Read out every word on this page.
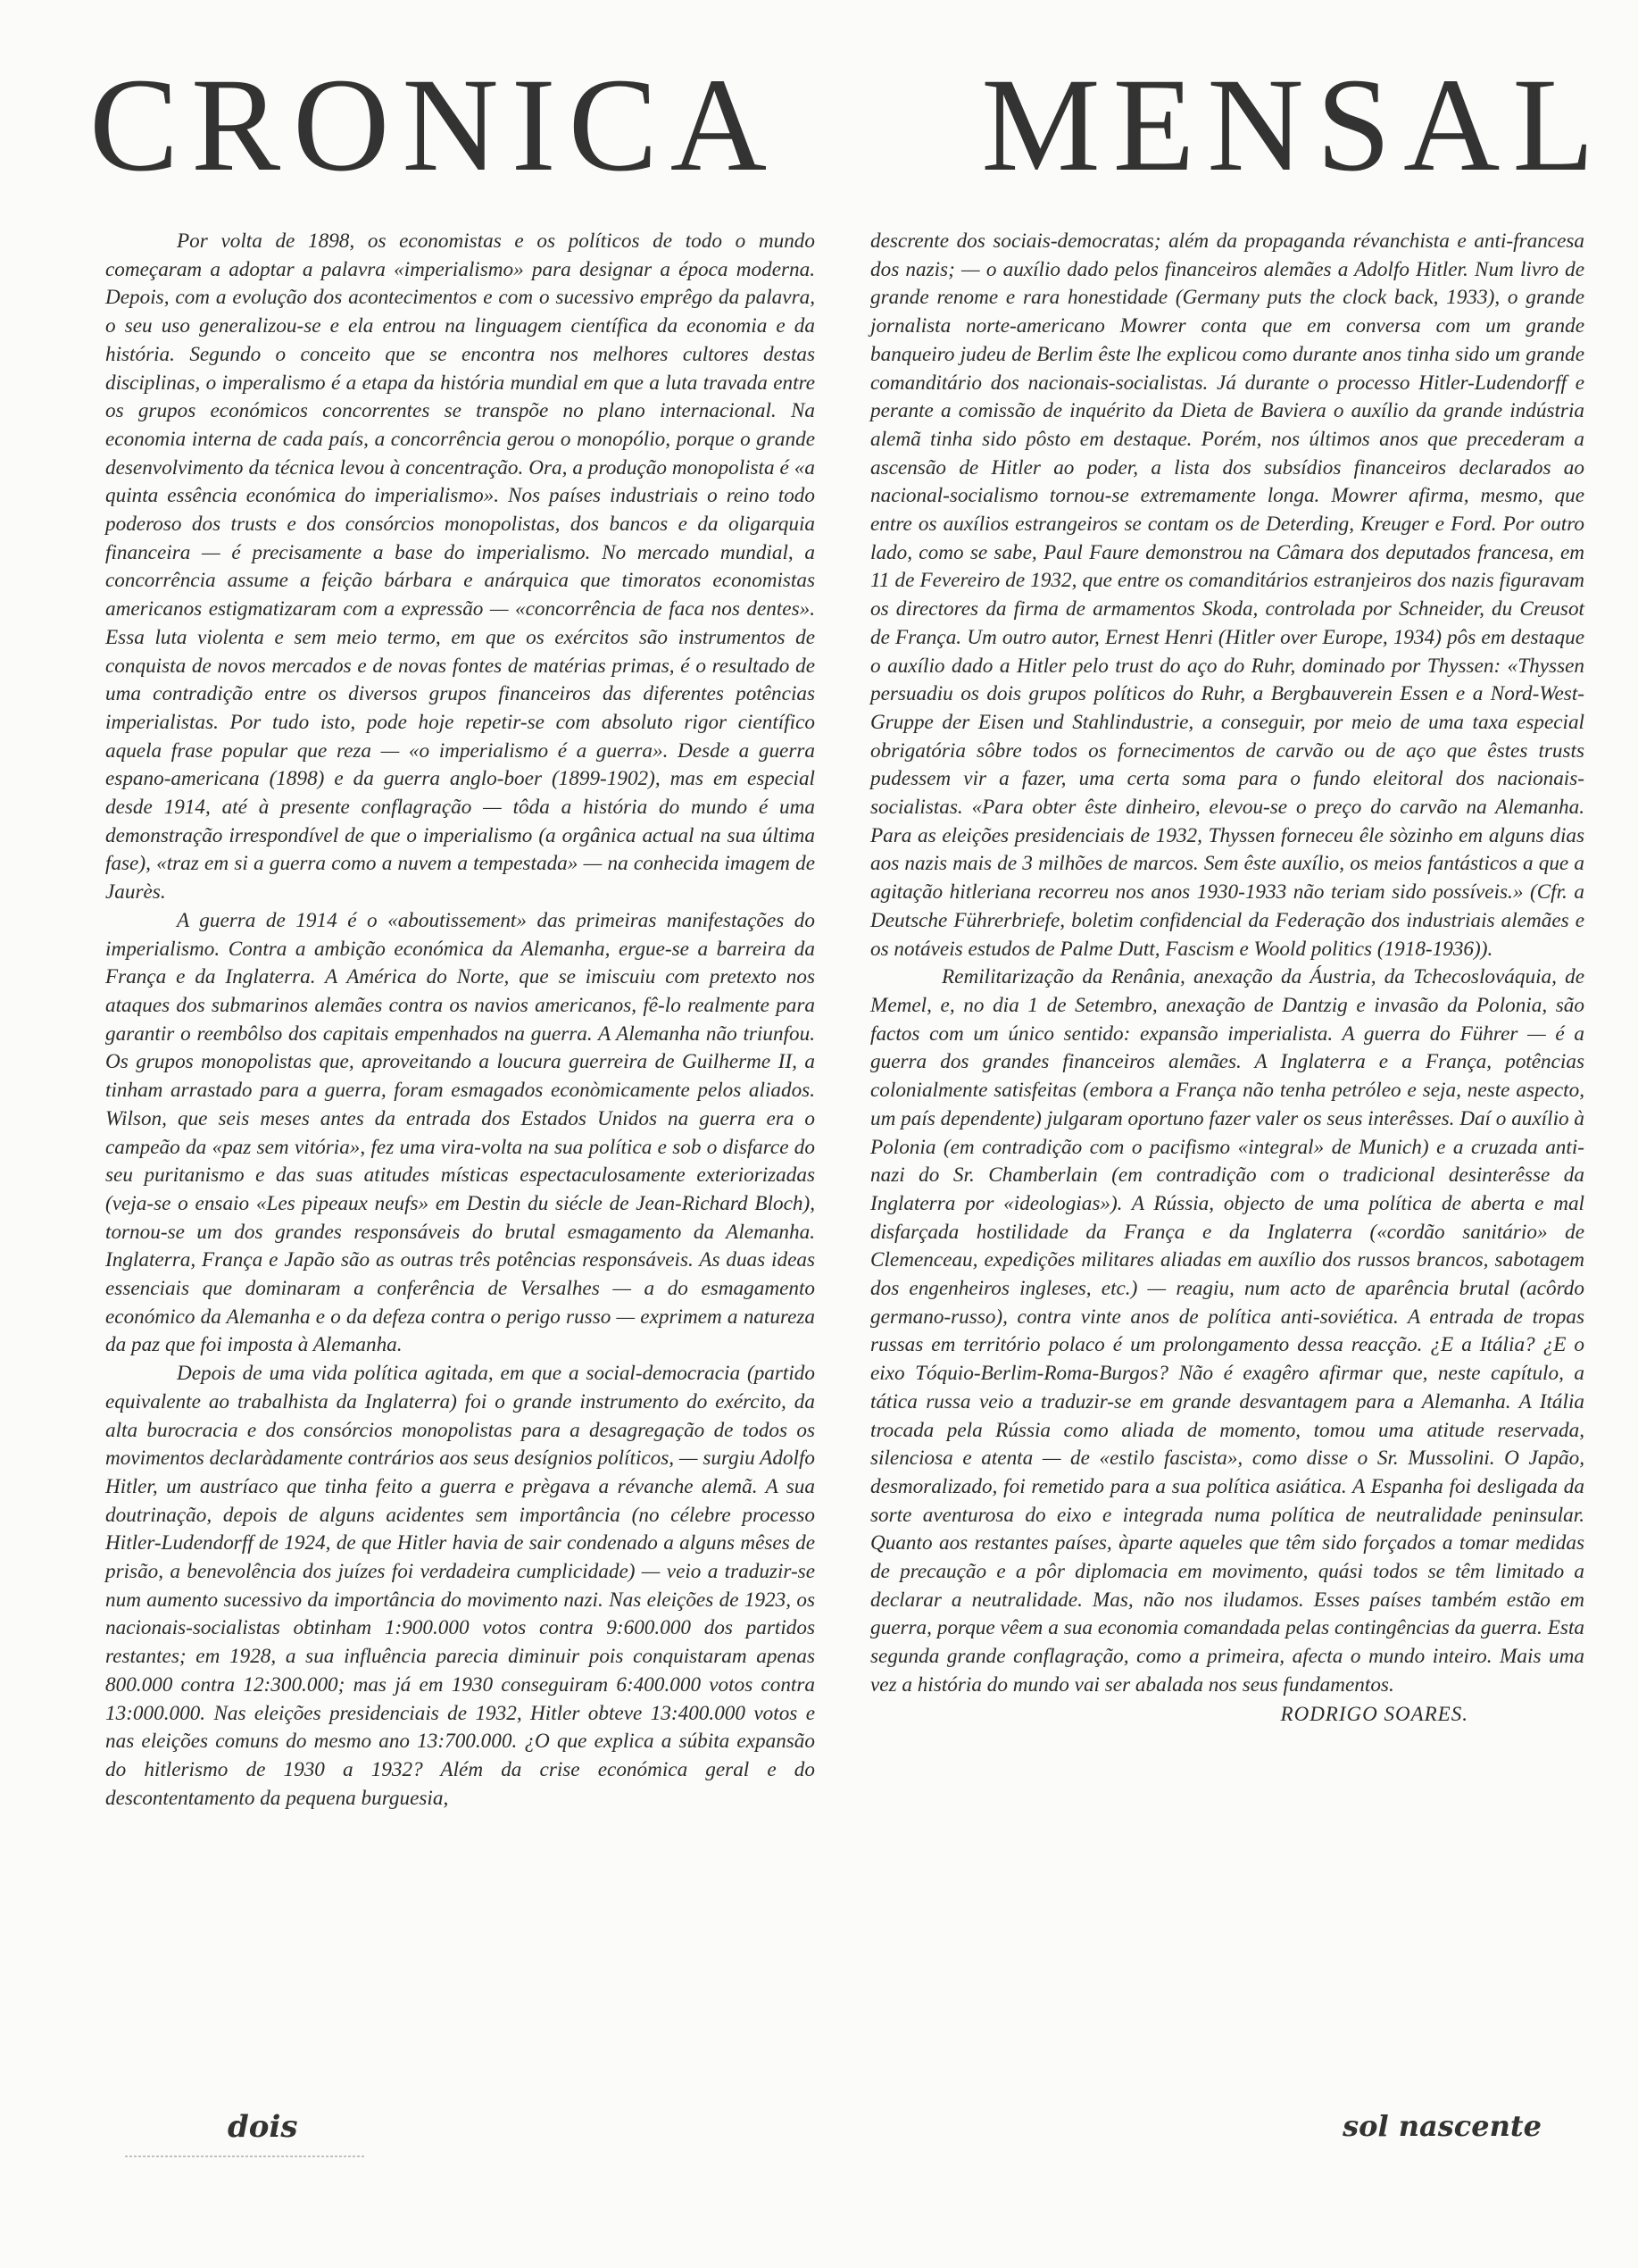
CRONICA MENSAL

Por volta de 1898, os economistas e os políticos de todo o mundo começaram a adoptar a palavra «imperialismo» para designar a época moderna. Depois, com a evolução dos acontecimentos e com o sucessivo emprêgo da palavra, o seu uso generalizou-se e ela entrou na linguagem científica da economia e da história. Segundo o conceito que se encontra nos melhores cultores destas disciplinas, o imperalismo é a etapa da história mundial em que a luta travada entre os grupos económicos concorrentes se transpõe no plano internacional. Na economia interna de cada país, a concorrência gerou o monopólio, porque o grande desenvolvimento da técnica levou à concentração. Ora, a produção monopolista é «a quinta essência económica do imperialismo». Nos países industriais o reino todo poderoso dos trusts e dos consórcios monopolistas, dos bancos e da oligarquia financeira — é precisamente a base do imperialismo. No mercado mundial, a concorrência assume a feição bárbara e anárquica que timoratos economistas americanos estigmatizaram com a expressão — «concorrência de faca nos dentes». Essa luta violenta e sem meio termo, em que os exércitos são instrumentos de conquista de novos mercados e de novas fontes de matérias primas, é o resultado de uma contradição entre os diversos grupos financeiros das diferentes potências imperialistas. Por tudo isto, pode hoje repetir-se com absoluto rigor científico aquela frase popular que reza — «o imperialismo é a guerra». Desde a guerra espano-americana (1898) e da guerra anglo-boer (1899-1902), mas em especial desde 1914, até à presente conflagração — tôda a história do mundo é uma demonstração irrespondível de que o imperialismo (a orgânica actual na sua última fase), «traz em si a guerra como a nuvem a tempestada» — na conhecida imagem de Jaurès.

A guerra de 1914 é o «aboutissement» das primeiras manifestações do imperialismo. Contra a ambição económica da Alemanha, ergue-se a barreira da França e da Inglaterra. A América do Norte, que se imiscuiu com pretexto nos ataques dos submarinos alemães contra os navios americanos, fê-lo realmente para garantir o reembôlso dos capitais empenhados na guerra. A Alemanha não triunfou. Os grupos monopolistas que, aproveitando a loucura guerreira de Guilherme II, a tinham arrastado para a guerra, foram esmagados econòmicamente pelos aliados. Wilson, que seis meses antes da entrada dos Estados Unidos na guerra era o campeão da «paz sem vitória», fez uma vira-volta na sua política e sob o disfarce do seu puritanismo e das suas atitudes místicas espectaculosamente exteriorizadas (veja-se o ensaio «Les pipeaux neufs» em Destin du siécle de Jean-Richard Bloch), tornou-se um dos grandes responsáveis do brutal esmagamento da Alemanha. Inglaterra, França e Japão são as outras três potências responsáveis. As duas ideas essenciais que dominaram a conferência de Versalhes — a do esmagamento económico da Alemanha e o da defeza contra o perigo russo — exprimem a natureza da paz que foi imposta à Alemanha.

Depois de uma vida política agitada, em que a social-democracia (partido equivalente ao trabalhista da Inglaterra) foi o grande instrumento do exército, da alta burocracia e dos consórcios monopolistas para a desagregação de todos os movimentos declaràdamente contrários aos seus desígnios políticos, — surgiu Adolfo Hitler, um austríaco que tinha feito a guerra e prègava a révanche alemã. A sua doutrinação, depois de alguns acidentes sem importância (no célebre processo Hitler-Ludendorff de 1924, de que Hitler havia de sair condenado a alguns mêses de prisão, a benevolência dos juízes foi verdadeira cumplicidade) — veio a traduzir-se num aumento sucessivo da importância do movimento nazi. Nas eleições de 1923, os nacionais-socialistas obtinham 1:900.000 votos contra 9:600.000 dos partidos restantes; em 1928, a sua influência parecia diminuir pois conquistaram apenas 800.000 contra 12:300.000; mas já em 1930 conseguiram 6:400.000 votos contra 13:000.000. Nas eleições presidenciais de 1932, Hitler obteve 13:400.000 votos e nas eleições comuns do mesmo ano 13:700.000. ¿O que explica a súbita expansão do hitlerismo de 1930 a 1932? Além da crise económica geral e do descontentamento da pequena burguesia,

descrente dos sociais-democratas; além da propaganda révanchista e anti-francesa dos nazis; — o auxílio dado pelos financeiros alemães a Adolfo Hitler. Num livro de grande renome e rara honestidade (Germany puts the clock back, 1933), o grande jornalista norte-americano Mowrer conta que em conversa com um grande banqueiro judeu de Berlim êste lhe explicou como durante anos tinha sido um grande comanditário dos nacionais-socialistas. Já durante o processo Hitler-Ludendorff e perante a comissão de inquérito da Dieta de Baviera o auxílio da grande indústria alemã tinha sido pôsto em destaque. Porém, nos últimos anos que precederam a ascensão de Hitler ao poder, a lista dos subsídios financeiros declarados ao nacional-socialismo tornou-se extremamente longa. Mowrer afirma, mesmo, que entre os auxílios estrangeiros se contam os de Deterding, Kreuger e Ford. Por outro lado, como se sabe, Paul Faure demonstrou na Câmara dos deputados francesa, em 11 de Fevereiro de 1932, que entre os comanditários estranjeiros dos nazis figuravam os directores da firma de armamentos Skoda, controlada por Schneider, du Creusot de França. Um outro autor, Ernest Henri (Hitler over Europe, 1934) pôs em destaque o auxílio dado a Hitler pelo trust do aço do Ruhr, dominado por Thyssen: «Thyssen persuadiu os dois grupos políticos do Ruhr, a Bergbauverein Essen e a Nord-West-Gruppe der Eisen und Stahlindustrie, a conseguir, por meio de uma taxa especial obrigatória sôbre todos os fornecimentos de carvão ou de aço que êstes trusts pudessem vir a fazer, uma certa soma para o fundo eleitoral dos nacionais-socialistas. «Para obter êste dinheiro, elevou-se o preço do carvão na Alemanha. Para as eleições presidenciais de 1932, Thyssen forneceu êle sòzinho em alguns dias aos nazis mais de 3 milhões de marcos. Sem êste auxílio, os meios fantásticos a que a agitação hitleriana recorreu nos anos 1930-1933 não teriam sido possíveis.» (Cfr. a Deutsche Führerbriefe, boletim confidencial da Federação dos industriais alemães e os notáveis estudos de Palme Dutt, Fascism e Woold politics (1918-1936)).

Remilitarização da Renânia, anexação da Áustria, da Tchecoslováquia, de Memel, e, no dia 1 de Setembro, anexação de Dantzig e invasão da Polonia, são factos com um único sentido: expansão imperialista. A guerra do Führer — é a guerra dos grandes financeiros alemães. A Inglaterra e a França, potências colonialmente satisfeitas (embora a França não tenha petróleo e seja, neste aspecto, um país dependente) julgaram oportuno fazer valer os seus interêsses. Daí o auxílio à Polonia (em contradição com o pacifismo «integral» de Munich) e a cruzada anti-nazi do Sr. Chamberlain (em contradição com o tradicional desinterêsse da Inglaterra por «ideologias»). A Rússia, objecto de uma política de aberta e mal disfarçada hostilidade da França e da Inglaterra («cordão sanitário» de Clemenceau, expedições militares aliadas em auxílio dos russos brancos, sabotagem dos engenheiros ingleses, etc.) — reagiu, num acto de aparência brutal (acôrdo germano-russo), contra vinte anos de política anti-soviética. A entrada de tropas russas em território polaco é um prolongamento dessa reacção. ¿E a Itália? ¿E o eixo Tóquio-Berlim-Roma-Burgos? Não é exagêro afirmar que, neste capítulo, a tática russa veio a traduzir-se em grande desvantagem para a Alemanha. A Itália trocada pela Rússia como aliada de momento, tomou uma atitude reservada, silenciosa e atenta — de «estilo fascista», como disse o Sr. Mussolini. O Japão, desmoralizado, foi remetido para a sua política asiática. A Espanha foi desligada da sorte aventurosa do eixo e integrada numa política de neutralidade peninsular. Quanto aos restantes países, àparte aqueles que têm sido forçados a tomar medidas de precaução e a pôr diplomacia em movimento, quási todos se têm limitado a declarar a neutralidade. Mas, não nos iludamos. Esses países também estão em guerra, porque vêem a sua economia comandada pelas contingências da guerra. Esta segunda grande conflagração, como a primeira, afecta o mundo inteiro. Mais uma vez a história do mundo vai ser abalada nos seus fundamentos.

RODRIGO SOARES.

dois	sol nascente
